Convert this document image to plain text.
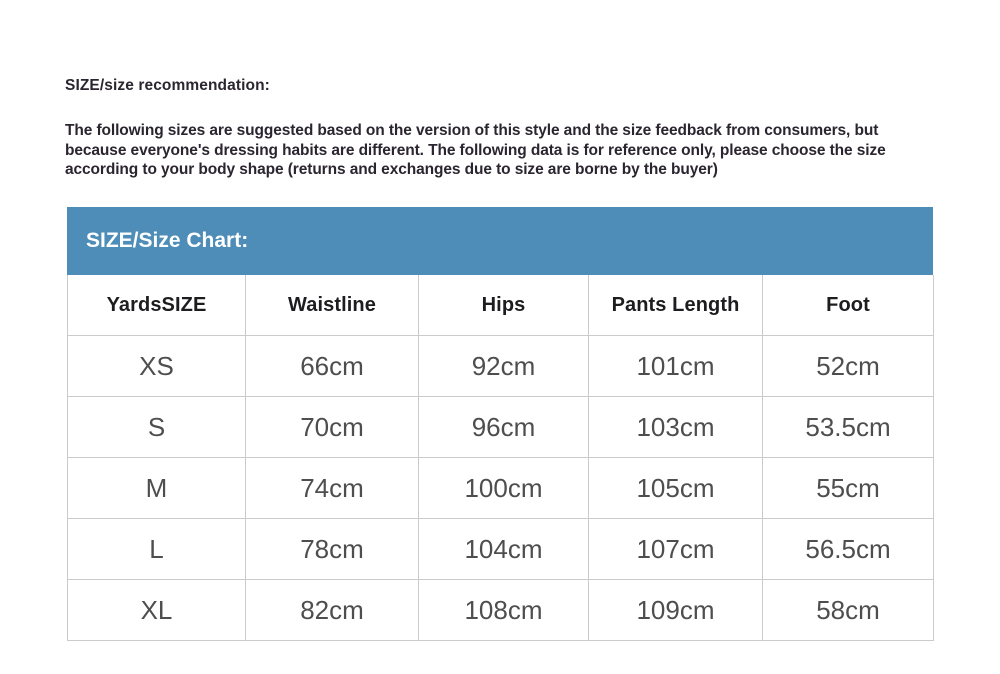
SIZE/size recommendation:
The following sizes are suggested based on the version of this style and the size feedback from consumers, but because everyone's dressing habits are different. The following data is for reference only, please choose the size according to your body shape (returns and exchanges due to size are borne by the buyer)
SIZE/Size Chart:
YardsSIZE	Waistline	Hips	Pants Length	Foot
XS	66cm	92cm	101cm	52cm
S	70cm	96cm	103cm	53.5cm
M	74cm	100cm	105cm	55cm
L	78cm	104cm	107cm	56.5cm
XL	82cm	108cm	109cm	58cm
